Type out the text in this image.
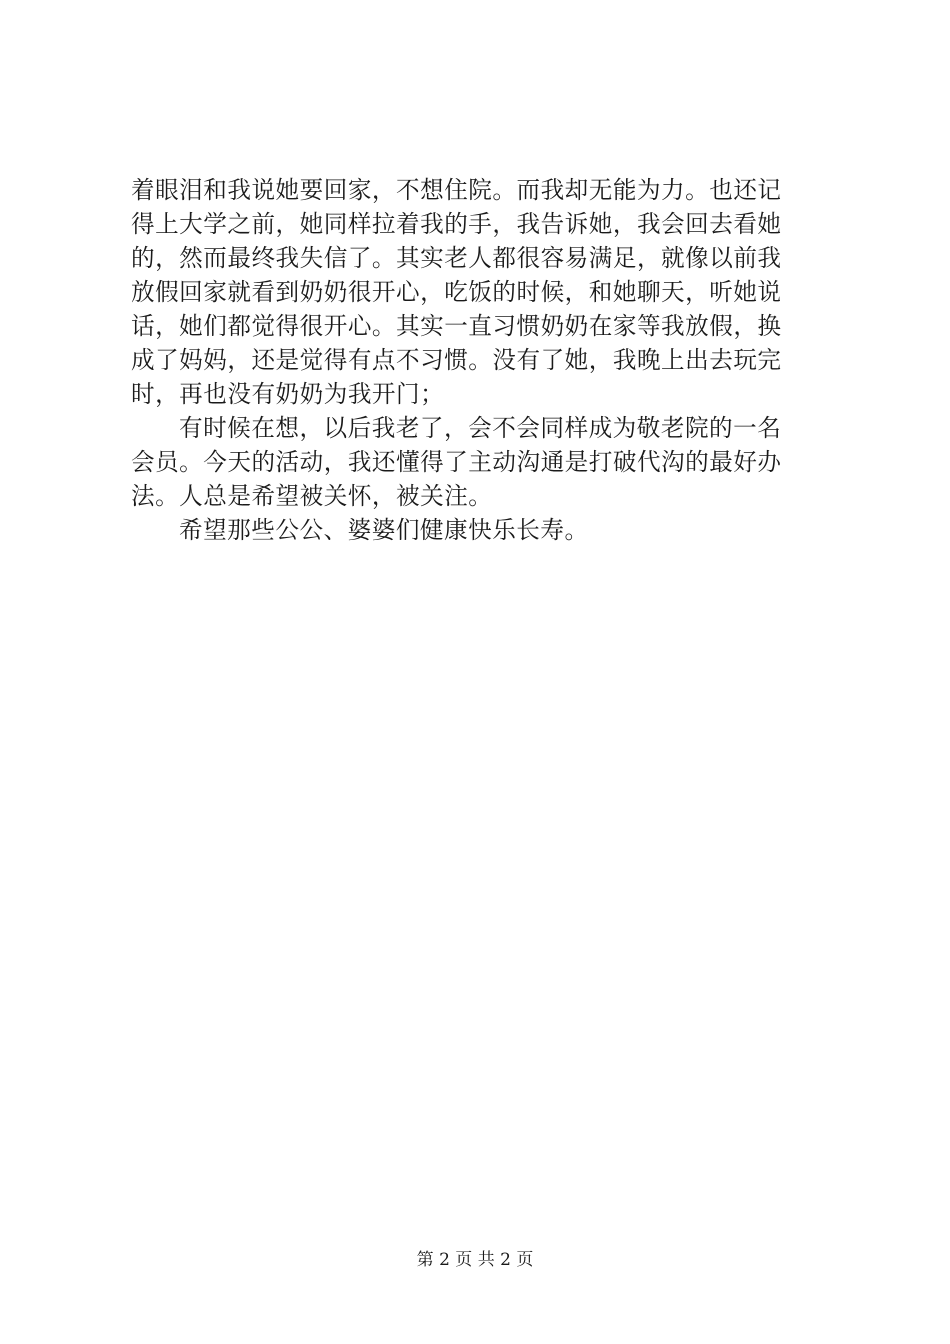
着眼泪和我说她要回家，不想住院。而我却无能为力。也还记
得上大学之前，她同样拉着我的手，我告诉她，我会回去看她
的，然而最终我失信了。其实老人都很容易满足，就像以前我
放假回家就看到奶奶很开心，吃饭的时候，和她聊天，听她说
话，她们都觉得很开心。其实一直习惯奶奶在家等我放假，换
成了妈妈，还是觉得有点不习惯。没有了她，我晚上出去玩完
时，再也没有奶奶为我开门；

有时候在想，以后我老了，会不会同样成为敬老院的一名
会员。今天的活动，我还懂得了主动沟通是打破代沟的最好办
法。人总是希望被关怀，被关注。

希望那些公公、婆婆们健康快乐长寿。

第 2 页 共 2 页
